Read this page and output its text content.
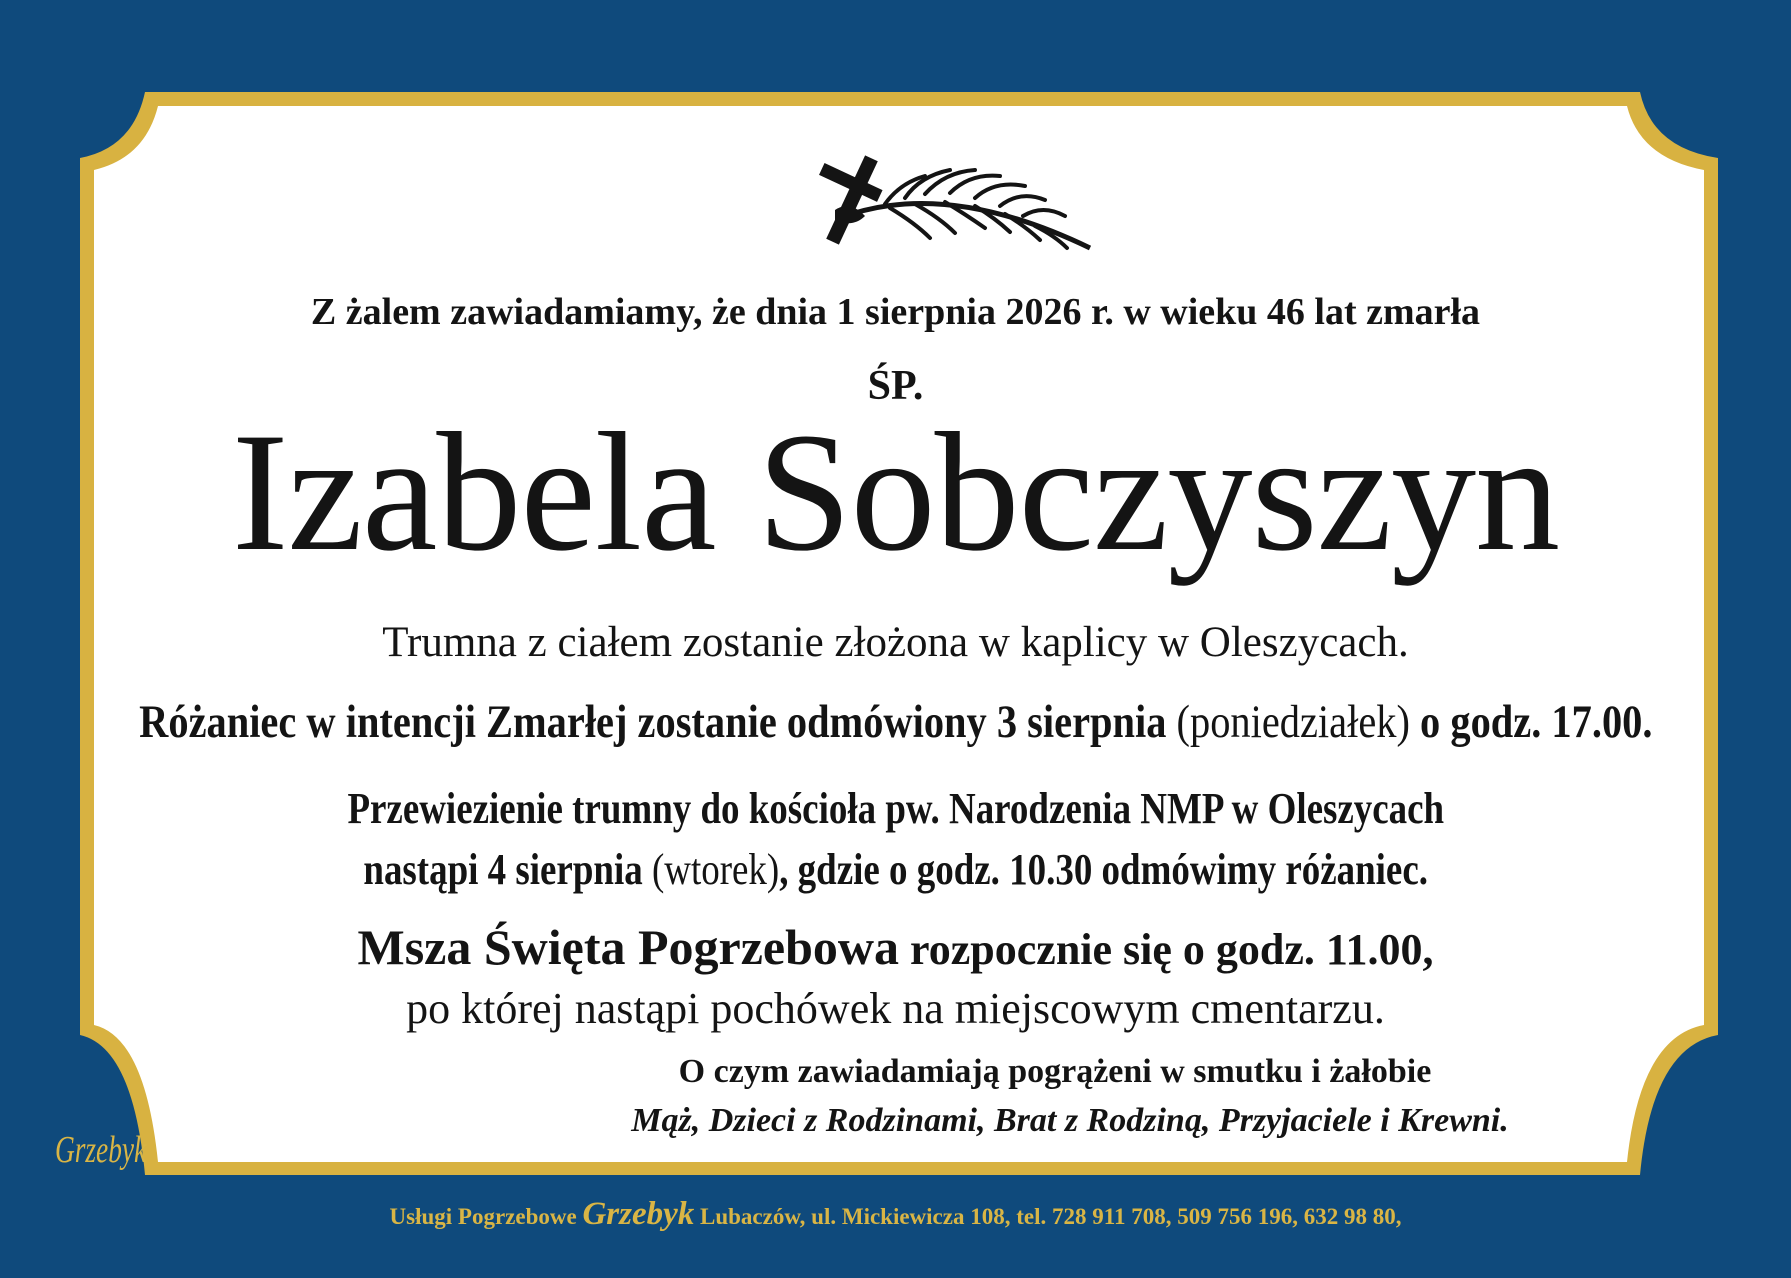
Z żalem zawiadamiamy, że dnia 1 sierpnia 2026 r. w wieku 46 lat zmarła
ŚP.
Izabela Sobczyszyn
Trumna z ciałem zostanie złożona w kaplicy w Oleszycach.
Różaniec w intencji Zmarłej zostanie odmówiony 3 sierpnia (poniedziałek) o godz. 17.00.
Przewiezienie trumny do kościoła pw. Narodzenia NMP w Oleszycach
nastąpi 4 sierpnia (wtorek), gdzie o godz. 10.30 odmówimy różaniec.
Msza Święta Pogrzebowa rozpocznie się o godz. 11.00,
po której nastąpi pochówek na miejscowym cmentarzu.
O czym zawiadamiają pogrążeni w smutku i żałobie
Mąż, Dzieci z Rodzinami, Brat z Rodziną, Przyjaciele i Krewni.
Grzebyk
Usługi Pogrzebowe Grzebyk Lubaczów, ul. Mickiewicza 108, tel. 728 911 708, 509 756 196, 632 98 80,
